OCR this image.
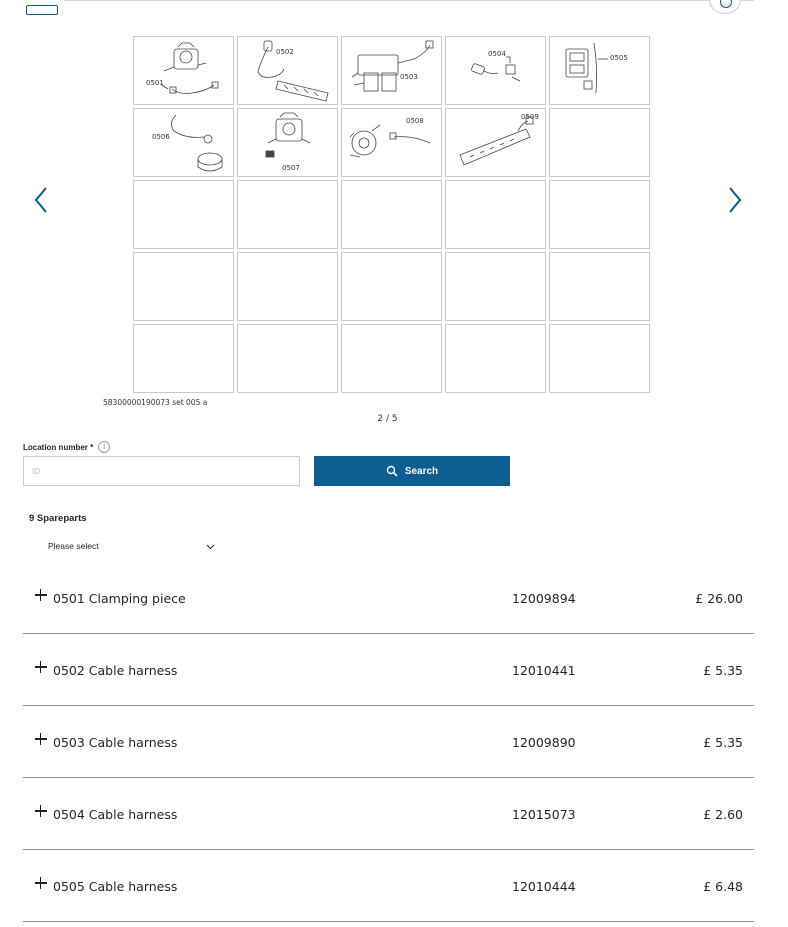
0501
0502
0503
0504	0505
0506
0507
0508	0509
58300000190073 set 005 a
2 / 5
Location number *	i
ID
Search
9 Spareparts
Please select
0501 Clamping piece	12009894	£ 26.00
0502 Cable harness	12010441	£ 5.35
0503 Cable harness	12009890	£ 5.35
0504 Cable harness	12015073	£ 2.60
0505 Cable harness	12010444	£ 6.48
